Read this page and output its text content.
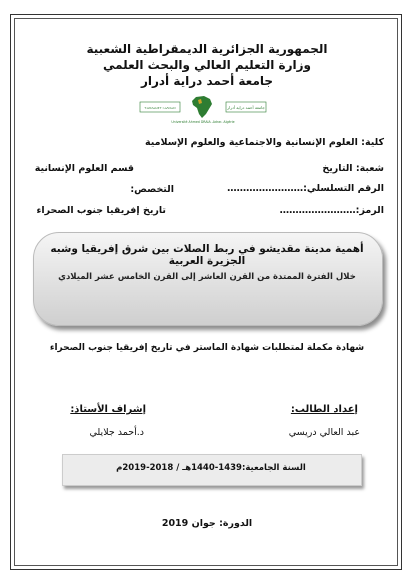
الجمهورية الجزائرية الديمقراطية الشعبية
وزارة التعليم العالي والبحث العلمي
جامعة أحمد دراية أدرار
جامعة أحمد دراية أدرار
ⵜⴰⵙⴷⴰⵡⵉⵜ ⵏ ⴰⴷⵔⴰⵔ
Université Ahmed DRAIA -Adrar- Algérie
كلية: العلوم الإنسانية والاجتماعية والعلوم الإسلامية
شعبة: التاريخ
قسم العلوم الإنسانية
الرقم التسلسلي:……………………
التخصص:
الرمز:……………………
تاريخ إفريقيا جنوب الصحراء
أهمية مدينة مقديشو في ربط الصلات بين شرق إفريقيا وشبه الجزيرة العربية
خلال الفترة الممتدة من القرن العاشر إلى القرن الخامس عشر الميلادي
شهادة مكملة لمتطلبات شهادة الماستر في تاريخ إفريقيا جنوب الصحراء
إعداد الطالب:
إشراف الأستاذ:
عبد العالي دريسي
د.أحمد جلايلي
السنة الجامعية:1439-1440هـ / 2018-2019م
الدورة: جوان 2019
